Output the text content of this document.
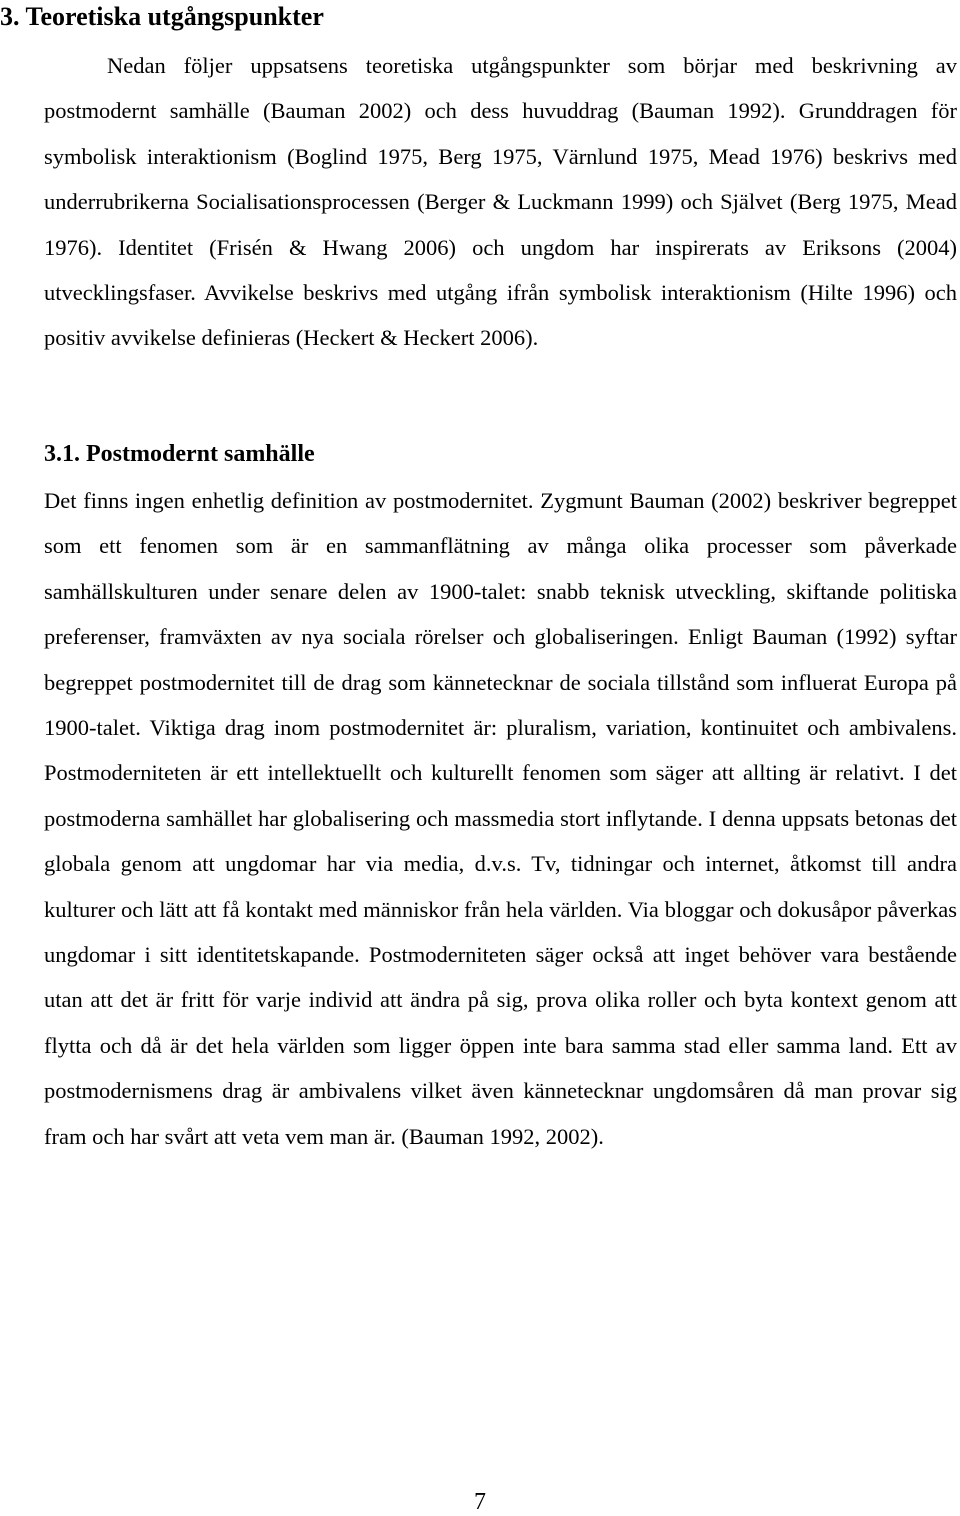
3. Teoretiska utgångspunkter

Nedan följer uppsatsens teoretiska utgångspunkter som börjar med beskrivning av postmodernt samhälle (Bauman 2002) och dess huvuddrag (Bauman 1992). Grunddragen för symbolisk interaktionism (Boglind 1975, Berg 1975, Värnlund 1975, Mead 1976) beskrivs med underrubrikerna Socialisationsprocessen (Berger & Luckmann 1999) och Självet (Berg 1975, Mead 1976). Identitet (Frisén & Hwang 2006) och ungdom har inspirerats av Eriksons (2004) utvecklingsfaser. Avvikelse beskrivs med utgång ifrån symbolisk interaktionism (Hilte 1996) och positiv avvikelse definieras (Heckert & Heckert 2006).

3.1. Postmodernt samhälle

Det finns ingen enhetlig definition av postmodernitet. Zygmunt Bauman (2002) beskriver begreppet som ett fenomen som är en sammanflätning av många olika processer som påverkade samhällskulturen under senare delen av 1900-talet: snabb teknisk utveckling, skiftande politiska preferenser, framväxten av nya sociala rörelser och globaliseringen. Enligt Bauman (1992) syftar begreppet postmodernitet till de drag som kännetecknar de sociala tillstånd som influerat Europa på 1900-talet. Viktiga drag inom postmodernitet är: pluralism, variation, kontinuitet och ambivalens. Postmoderniteten är ett intellektuellt och kulturellt fenomen som säger att allting är relativt. I det postmoderna samhället har globalisering och massmedia stort inflytande. I denna uppsats betonas det globala genom att ungdomar har via media, d.v.s. Tv, tidningar och internet, åtkomst till andra kulturer och lätt att få kontakt med människor från hela världen. Via bloggar och dokusåpor påverkas ungdomar i sitt identitetskapande. Postmoderniteten säger också att inget behöver vara bestående utan att det är fritt för varje individ att ändra på sig, prova olika roller och byta kontext genom att flytta och då är det hela världen som ligger öppen inte bara samma stad eller samma land. Ett av postmodernismens drag är ambivalens vilket även kännetecknar ungdomsåren då man provar sig fram och har svårt att veta vem man är. (Bauman 1992, 2002).

7
